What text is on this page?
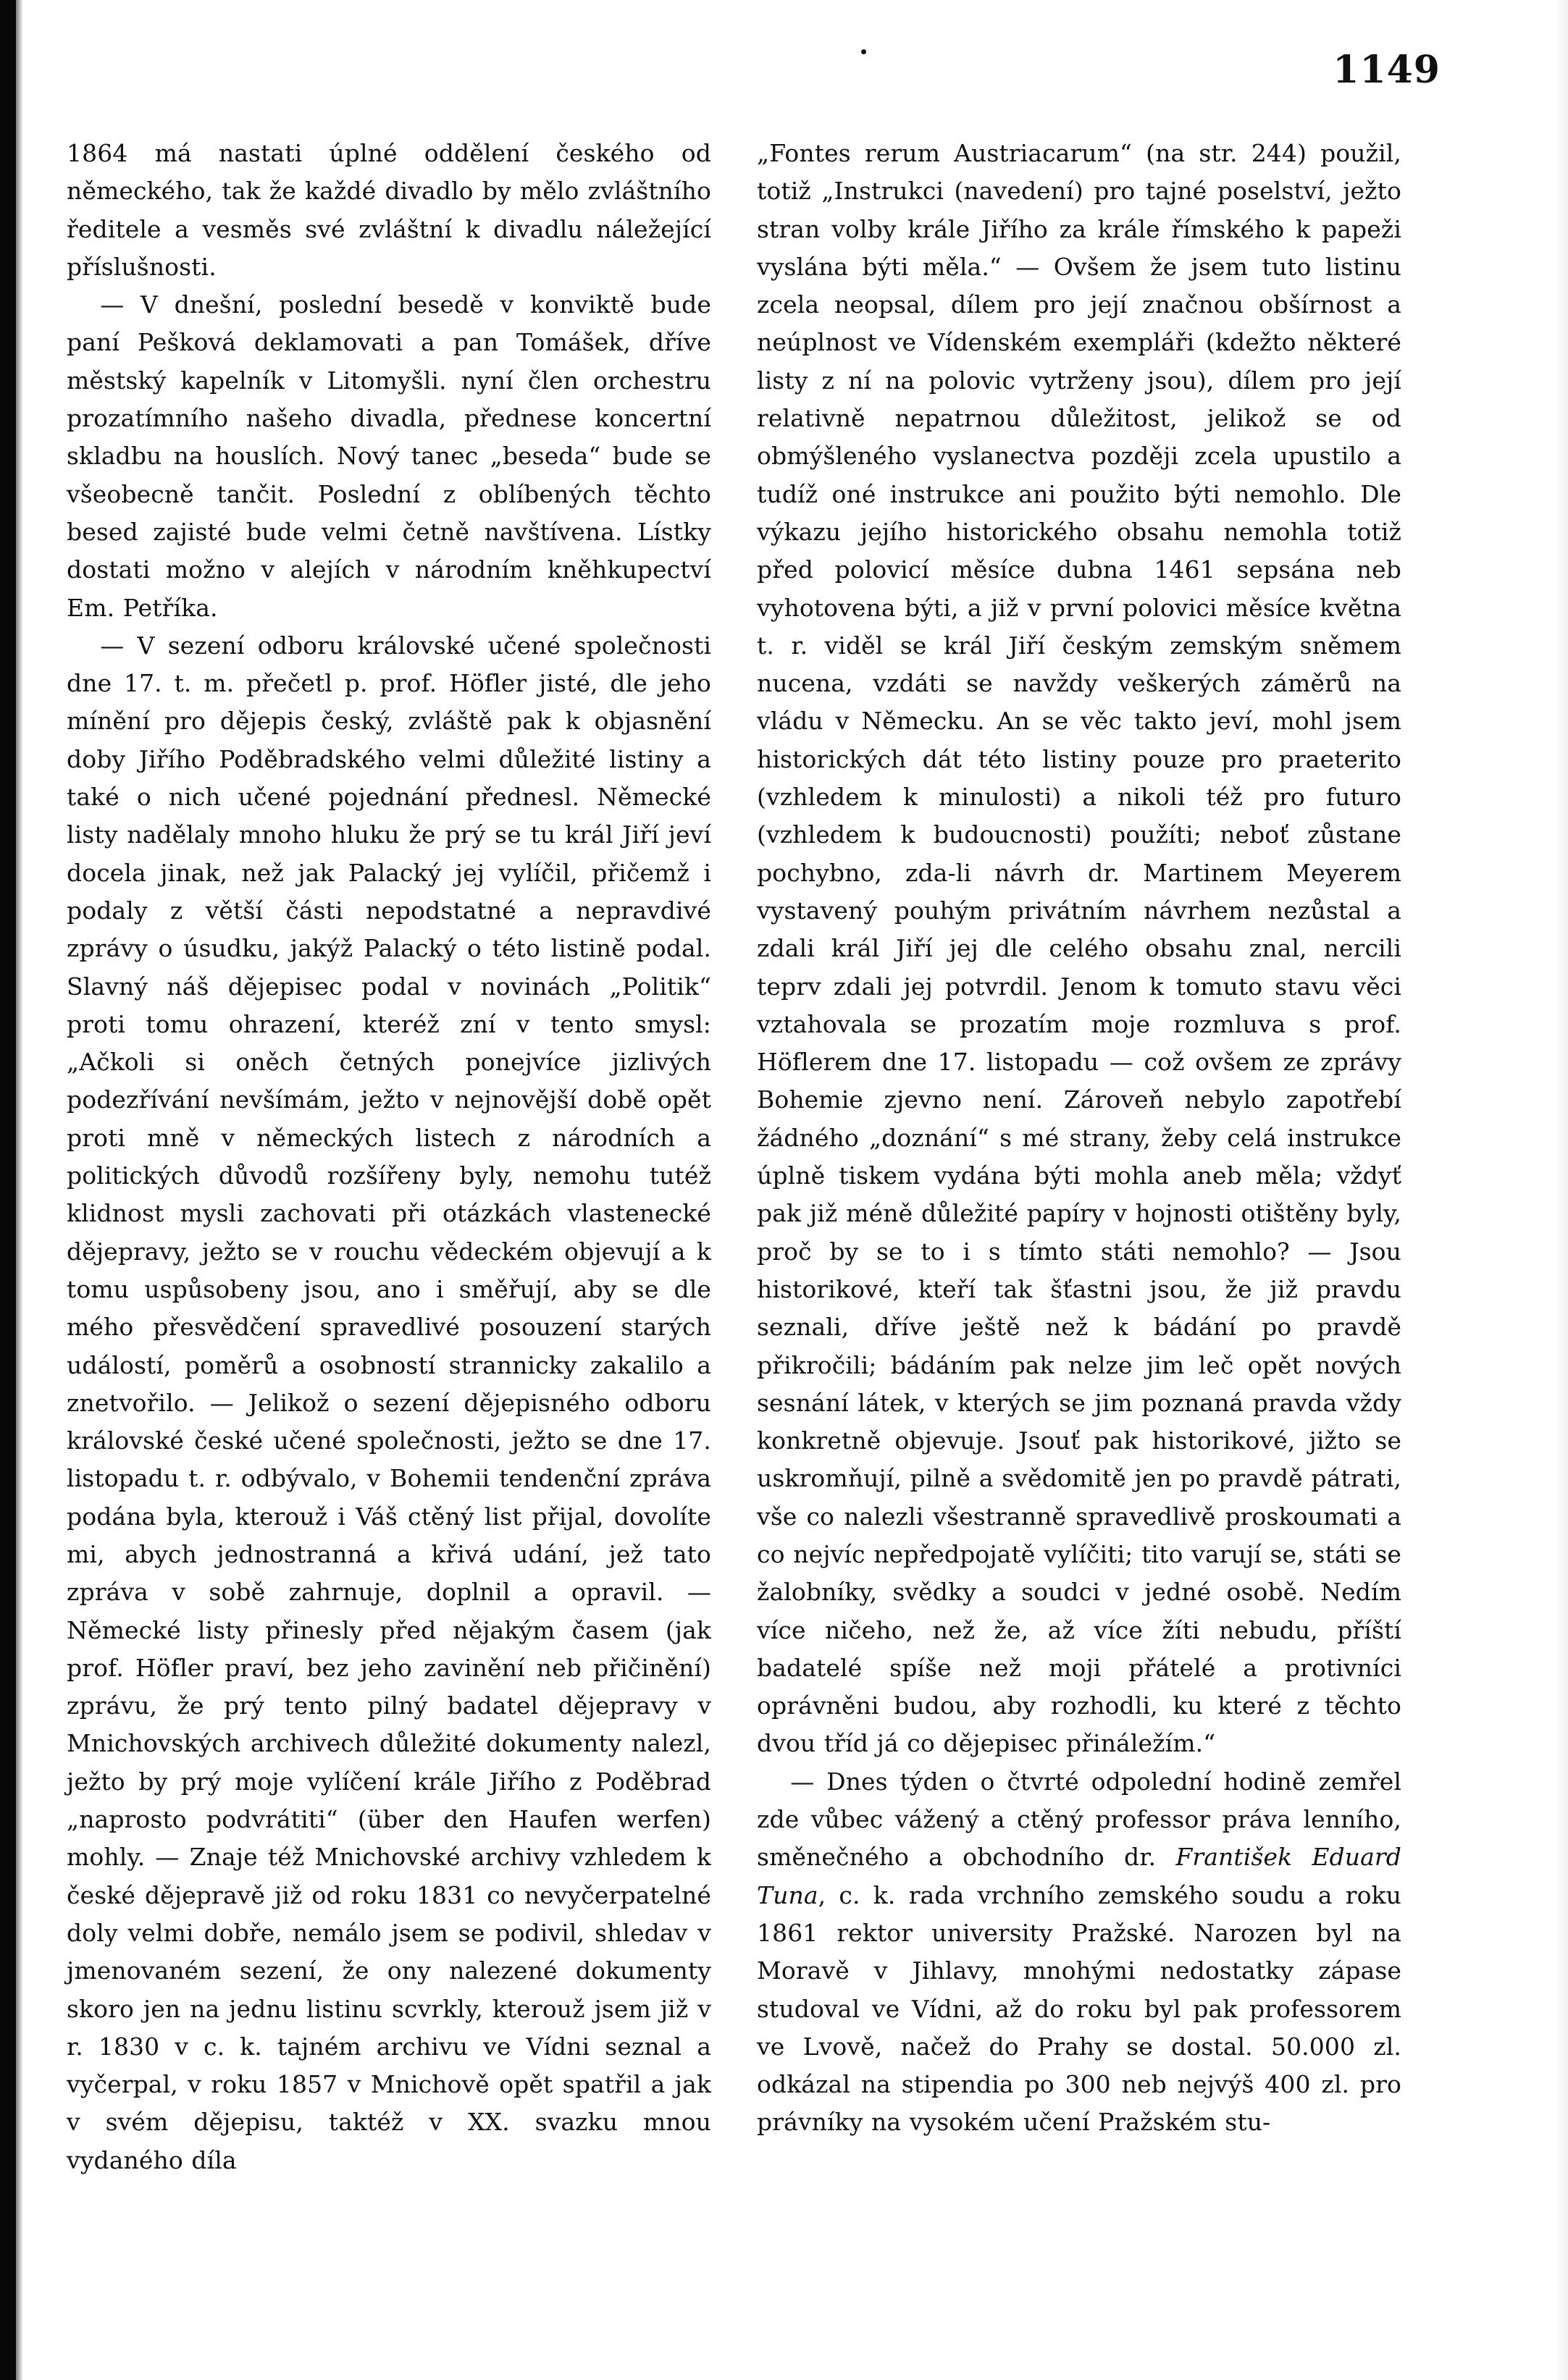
1149

1864 má nastati úplné oddělení českého od německého, tak že každé divadlo by mělo zvláštního ředitele a vesměs své zvláštní k divadlu náležející příslušnosti.

— V dnešní, poslední besedě v konviktě bude paní Pešková deklamovati a pan Tomášek, dříve městský kapelník v Litomyšli. nyní člen orchestru prozatímního našeho divadla, přednese koncertní skladbu na houslích. Nový tanec „beseda“ bude se všeobecně tančit. Poslední z oblíbených těchto besed zajisté bude velmi četně navštívena. Lístky dostati možno v alejích v národním kněhkupectví Em. Petříka.

— V sezení odboru královské učené společnosti dne 17. t. m. přečetl p. prof. Höfler jisté, dle jeho mínění pro dějepis český, zvláště pak k objasnění doby Jiřího Poděbradského velmi důležité listiny a také o nich učené pojednání přednesl. Německé listy nadělaly mnoho hluku že prý se tu král Jiří jeví docela jinak, než jak Palacký jej vylíčil, přičemž i podaly z větší části nepodstatné a nepravdivé zprávy o úsudku, jakýž Palacký o této listině podal. Slavný náš dějepisec podal v novinách „Politik“ proti tomu ohrazení, kteréž zní v tento smysl: „Ačkoli si oněch četných ponejvíce jizlivých podezřívání nevšímám, ježto v nejnovější době opět proti mně v německých listech z národních a politických důvodů rozšířeny byly, nemohu tutéž klidnost mysli zachovati při otázkách vlastenecké dějepravy, ježto se v rouchu vědeckém objevují a k tomu uspůsobeny jsou, ano i směřují, aby se dle mého přesvědčení spravedlivé posouzení starých událostí, poměrů a osobností strannicky zakalilo a znetvořilo. — Jelikož o sezení dějepisného odboru královské české učené společnosti, ježto se dne 17. listopadu t. r. odbývalo, v Bohemii tendenční zpráva podána byla, kterouž i Váš ctěný list přijal, dovolíte mi, abych jednostranná a křivá udání, jež tato zpráva v sobě zahrnuje, doplnil a opravil. — Německé listy přinesly před nějakým časem (jak prof. Höfler praví, bez jeho zavinění neb přičinění) zprávu, že prý tento pilný badatel dějepravy v Mnichovských archivech důležité dokumenty nalezl, ježto by prý moje vylíčení krále Jiřího z Poděbrad „naprosto podvrátiti“ (über den Haufen werfen) mohly. — Znaje též Mnichovské archivy vzhledem k české dějepravě již od roku 1831 co nevyčerpatelné doly velmi dobře, nemálo jsem se podivil, shledav v jmenovaném sezení, že ony nalezené dokumenty skoro jen na jednu listinu scvrkly, kterouž jsem již v r. 1830 v c. k. tajném archivu ve Vídni seznal a vyčerpal, v roku 1857 v Mnichově opět spatřil a jak v svém dějepisu, taktéž v XX. svazku mnou vydaného díla

„Fontes rerum Austriacarum“ (na str. 244) použil, totiž „Instrukci (navedení) pro tajné poselství, ježto stran volby krále Jiřího za krále římského k papeži vyslána býti měla.“ — Ovšem že jsem tuto listinu zcela neopsal, dílem pro její značnou obšírnost a neúplnost ve Vídenském exempláři (kdežto některé listy z ní na polovic vytrženy jsou), dílem pro její relativně nepatrnou důležitost, jelikož se od obmýšleného vyslanectva později zcela upustilo a tudíž oné instrukce ani použito býti nemohlo. Dle výkazu jejího historického obsahu nemohla totiž před polovicí měsíce dubna 1461 sepsána neb vyhotovena býti, a již v první polovici měsíce května t. r. viděl se král Jiří českým zemským sněmem nucena, vzdáti se navždy veškerých záměrů na vládu v Německu. An se věc takto jeví, mohl jsem historických dát této listiny pouze pro praeterito (vzhledem k minulosti) a nikoli též pro futuro (vzhledem k budoucnosti) použíti; neboť zůstane pochybno, zda-li návrh dr. Martinem Meyerem vystavený pouhým privátním návrhem nezůstal a zdali král Jiří jej dle celého obsahu znal, nercili teprv zdali jej potvrdil. Jenom k tomuto stavu věci vztahovala se prozatím moje rozmluva s prof. Höflerem dne 17. listopadu — což ovšem ze zprávy Bohemie zjevno není. Zároveň nebylo zapotřebí žádného „doznání“ s mé strany, žeby celá instrukce úplně tiskem vydána býti mohla aneb měla; vždyť pak již méně důležité papíry v hojnosti otištěny byly, proč by se to i s tímto státi nemohlo? — Jsou historikové, kteří tak šťastni jsou, že již pravdu seznali, dříve ještě než k bádání po pravdě přikročili; bádáním pak nelze jim leč opět nových sesnání látek, v kterých se jim poznaná pravda vždy konkretně objevuje. Jsouť pak historikové, jižto se uskromňují, pilně a svědomitě jen po pravdě pátrati, vše co nalezli všestranně spravedlivě proskoumati a co nejvíc nepředpojatě vylíčiti; tito varují se, státi se žalobníky, svědky a soudci v jedné osobě. Nedím více ničeho, než že, až více žíti nebudu, příští badatelé spíše než moji přátelé a protivníci oprávněni budou, aby rozhodli, ku které z těchto dvou tříd já co dějepisec přináležím.“

— Dnes týden o čtvrté odpolední hodině zemřel zde vůbec vážený a ctěný professor práva lenního, směnečného a obchodního dr. František Eduard Tuna, c. k. rada vrchního zemského soudu a roku 1861 rektor university Pražské. Narozen byl na Moravě v Jihlavy, mnohými nedostatky zápase studoval ve Vídni, až do roku byl pak professorem ve Lvově, načež do Prahy se dostal. 50.000 zl. odkázal na stipendia po 300 neb nejvýš 400 zl. pro právníky na vysokém učení Pražském stu-
